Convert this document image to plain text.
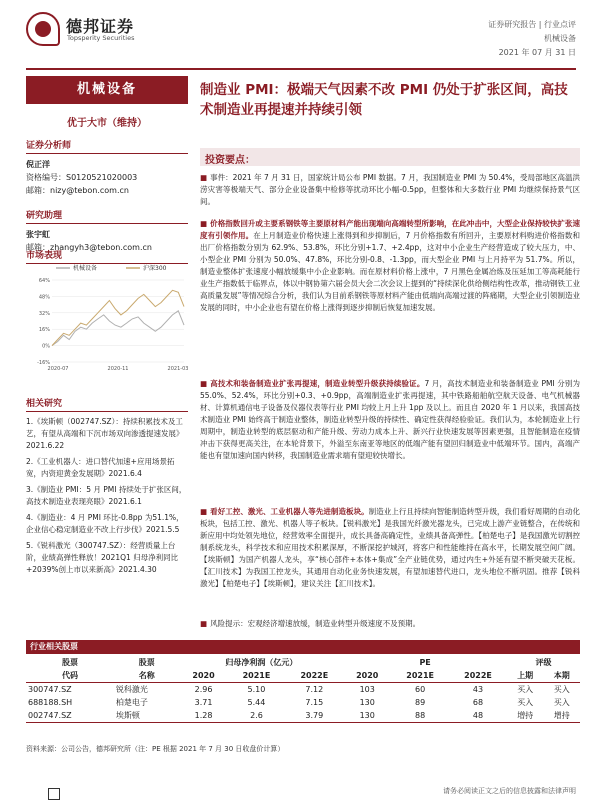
德邦证券
Topsperity Securities
证券研究报告 | 行业点评
机械设备
2021 年 07 月 31 日
机械设备
优于大市（维持）
证券分析师
倪正洋
资格编号：S0120521020003
邮箱：nizy@tebon.com.cn
研究助理
张宇虹
邮箱：zhangyh3@tebon.com.cn
市场表现
机械设备	沪深300
2020-07	2020-11	2021-03
-16%
0%
16%
32%
48%
64%
相关研究
1.《埃斯顿（002747.SZ）：持续积累技术及工艺，有望从高端和下沉市场双向渗透提速发展》2021.6.22
2.《工业机器人：进口替代加速+应用场景拓宽，内资迎黄金发展期》2021.6.4
3.《制造业 PMI：5 月 PMI 持续处于扩张区间，高技术制造业表现亮眼》2021.6.1
4.《制造业：4 月 PMI 环比-0.8pp 为51.1%，企业信心稳定制造业不改上行步伐》2021.5.5
5.《锐科激光（300747.SZ）：经营质量上台阶，业绩高弹性释放！2021Q1 归母净利同比+2039%创上市以来新高》2021.4.30
制造业 PMI：极端天气因素不改 PMI 仍处于扩张区间，高技术制造业再提速并持续引领
投资要点：
■ 事件：2021 年 7 月 31 日，国家统计局公布 PMI 数据。7 月，我国制造业 PMI 为 50.4%，受局部地区高温洪涝灾害等极端天气、部分企业设备集中检修等扰动环比小幅-0.5pp，但整体和大多数行业 PMI 均继续保持景气区间。
■ 价格指数回升或主要系钢铁等主要原材料产能出现端向高端转型所影响，在此冲击中，大型企业保持较快扩张速度有引领作用。在上月制造业价格快速上涨得到和步抑制后，7 月价格指数有所回升，主要原材料购进价格指数和出厂价格指数分别为 62.9%、53.8%，环比分别+1.7、+2.4pp，这对中小企业生产经营造成了较大压力，中、小型企业 PMI 分别为 50.0%、47.8%，环比分别-0.8、-1.3pp，而大型企业 PMI 与上月持平为 51.7%。所以，制造业整体扩张速度小幅放缓集中小企业影响。而在原材料价格上涨中，7 月黑色金属冶炼及压延加工等高耗能行业生产指数低于临界点，体以中钢协第六届会员大会二次会议上提到的“持续深化供给侧结构性改革，推动钢铁工业高质量发展”等情况综合分析，我们认为目前系钢铁等原材料产能由低端向高端过渡的阵痛期，大型企业引领制造业发展的同时，中小企业也有望在价格上涨得到逐步抑制后恢复加速发展。
■ 高技术和装备制造业扩张再提速，制造业转型升级获持续验证。7 月，高技术制造业和装备制造业 PMI 分别为 55.0%、52.4%，环比分别+0.3、+0.9pp，高端制造业扩张再提速，其中铁路船舶航空航天设备、电气机械器材、计算机通信电子设备及仪器仪表等行业 PMI 均较上月上升 1pp 及以上。而且自 2020 年 1 月以来，我国高技术制造业 PMI 始终高于制造业整体，制造业转型升级的持续性、确定性获得经验验证。我们认为，本轮制造业上行周期中，制造业转型的底层驱动和产能升级、劳动力成本上升、新兴行业快速发展等因素更强，且智能制造在疫情冲击下获得更高关注，在本轮背景下，外溢至东南亚等地区的低端产能有望回归制造业中低端环节。国内，高端产能也有望加速向国内转移，我国制造业需求端有望迎较快增长。
■ 看好工控、激光、工业机器人等先进制造板块。制造业上行且持续向智能制造转型升级，我们看好周期的自动化板块，包括工控、激光、机器人等子板块。【锐科激光】是我国光纤激光器龙头，已完成上游产业链整合，在传统和新应用中均处领先地位，经营效率全面提升，成长具备高确定性，业绩具备高弹性。【柏楚电子】是我国激光切割控制系统龙头，科学技术和应用技术积累深厚，不断深挖护城河，将客户和性能维持在高水平，长期发展空间广阔。【埃斯顿】为国产机器人龙头，享“核心部件+本体+集成”全产业链优势，通过内生+外延有望不断突破天花板。【汇川技术】为我国工控龙头，其通用自动化业务快速发展，有望加速替代进口，龙头地位不断巩固。推荐【锐科激光】【柏楚电子】【埃斯顿】，建议关注【汇川技术】。
■ 风险提示：宏观经济增速放缓，制造业转型升级速度不及预期。
行业相关股票
股票	股票	归母净利润（亿元）			PE			评级	
代码	名称	2020	2021E	2022E	2020	2021E	2022E	上期	本期
300747.SZ	锐科激光	2.96	5.10	7.12	103	60	43	买入	买入
688188.SH	柏楚电子	3.71	5.44	7.15	130	89	68	买入	买入
002747.SZ	埃斯顿	1.28	2.6	3.79	130	88	48	增持	增持
资料来源：公司公告，德邦研究所（注：PE 根据 2021 年 7 月 30 日收盘价计算）
请务必阅读正文之后的信息披露和法律声明
